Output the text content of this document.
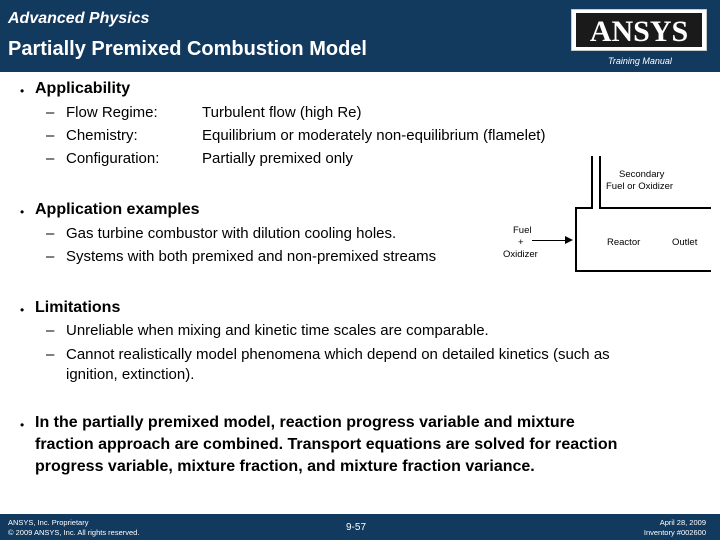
Advanced Physics
Partially Premixed Combustion Model
ANSYS
Training Manual
• Applicability
– Flow Regime:	Turbulent flow (high Re)
– Chemistry:	Equilibrium or moderately non-equilibrium (flamelet)
– Configuration:	Partially premixed only
Secondary
Fuel or Oxidizer
Fuel
+
Oxidizer
Reactor	Outlet
• Application examples
– Gas turbine combustor with dilution cooling holes.
– Systems with both premixed and non-premixed streams
• Limitations
– Unreliable when mixing and kinetic time scales are comparable.
– Cannot realistically model phenomena which depend on detailed kinetics (such as
ignition, extinction).
• In the partially premixed model, reaction progress variable and mixture
fraction approach are combined. Transport equations are solved for reaction
progress variable, mixture fraction, and mixture fraction variance.
ANSYS, Inc. Proprietary
© 2009 ANSYS, Inc. All rights reserved.	9-57	April 28, 2009
Inventory #002600
